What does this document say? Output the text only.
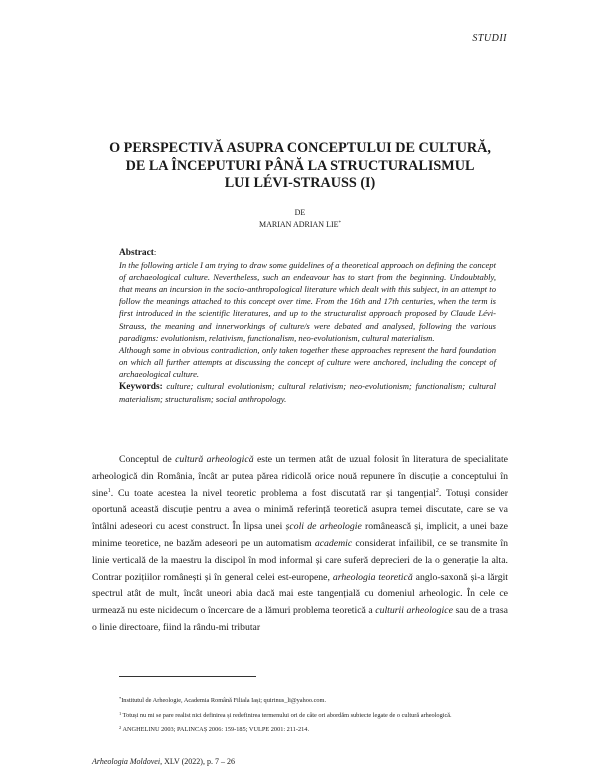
STUDII
O PERSPECTIVĂ ASUPRA CONCEPTULUI DE CULTURĂ,
DE LA ÎNCEPUTURI PÂNĂ LA STRUCTURALISMUL
LUI LÉVI-STRAUSS (I)
DE
MARIAN ADRIAN LIE*
Abstract:

In the following article I am trying to draw some guidelines of a theoretical approach on defining the concept of archaeological culture. Nevertheless, such an endeavour has to start from the beginning. Undoubtably, that means an incursion in the socio-anthropological literature which dealt with this subject, in an attempt to follow the meanings attached to this concept over time. From the 16th and 17th centuries, when the term is first introduced in the scientific literatures, and up to the structuralist approach proposed by Claude Lévi-Strauss, the meaning and innerworkings of culture/s were debated and analysed, following the various paradigms: evolutionism, relativism, functionalism, neo-evolutionism, cultural materialism.

Although some in obvious contradiction, only taken together these approaches represent the hard foundation on which all further attempts at discussing the concept of culture were anchored, including the concept of archaeological culture.

Keywords: culture; cultural evolutionism; cultural relativism; neo-evolutionism; functionalism; cultural materialism; structuralism; social anthropology.

Conceptul de cultură arheologică este un termen atât de uzual folosit în literatura de specialitate arheologică din România, încât ar putea părea ridicolă orice nouă repunere în discuție a conceptului în sine$^1$. Cu toate acestea la nivel teoretic problema a fost discutată rar și tangențial$^2$. Totuși consider oportună această discuție pentru a avea o minimă referință teoretică asupra temei discutate, care se va întâlni adeseori cu acest construct. În lipsa unei școli de arheologie românească și, implicit, a unei baze minime teoretice, ne bazăm adeseori pe un automatism academic considerat infailibil, ce se transmite în linie verticală de la maestru la discipol în mod informal și care suferă deprecieri de la o generație la alta. Contrar pozițiilor românești și în general celei est-europene, arheologia teoretică anglo-saxonă și-a lărgit spectrul atât de mult, încât uneori abia dacă mai este tangențială cu domeniul arheologic. În cele ce urmează nu este nicidecum o încercare de a lămuri problema teoretică a culturii arheologice sau de a trasa o linie directoare, fiind la rându-mi tributar

*Institutul de Arheologie, Academia Română Filiala Iași; quirinus_li@yahoo.com.

$^1$ Totuși nu mi se pare realist nici definirea și redefinirea termenului ori de câte ori abordăm subiecte legate de o cultură arheologică.

$^2$ ANGHELINU 2003; PALINCAȘ 2006: 159-185; VULPE 2001: 211-214.

Arheologia Moldovei, XLV (2022), p. 7 – 26
